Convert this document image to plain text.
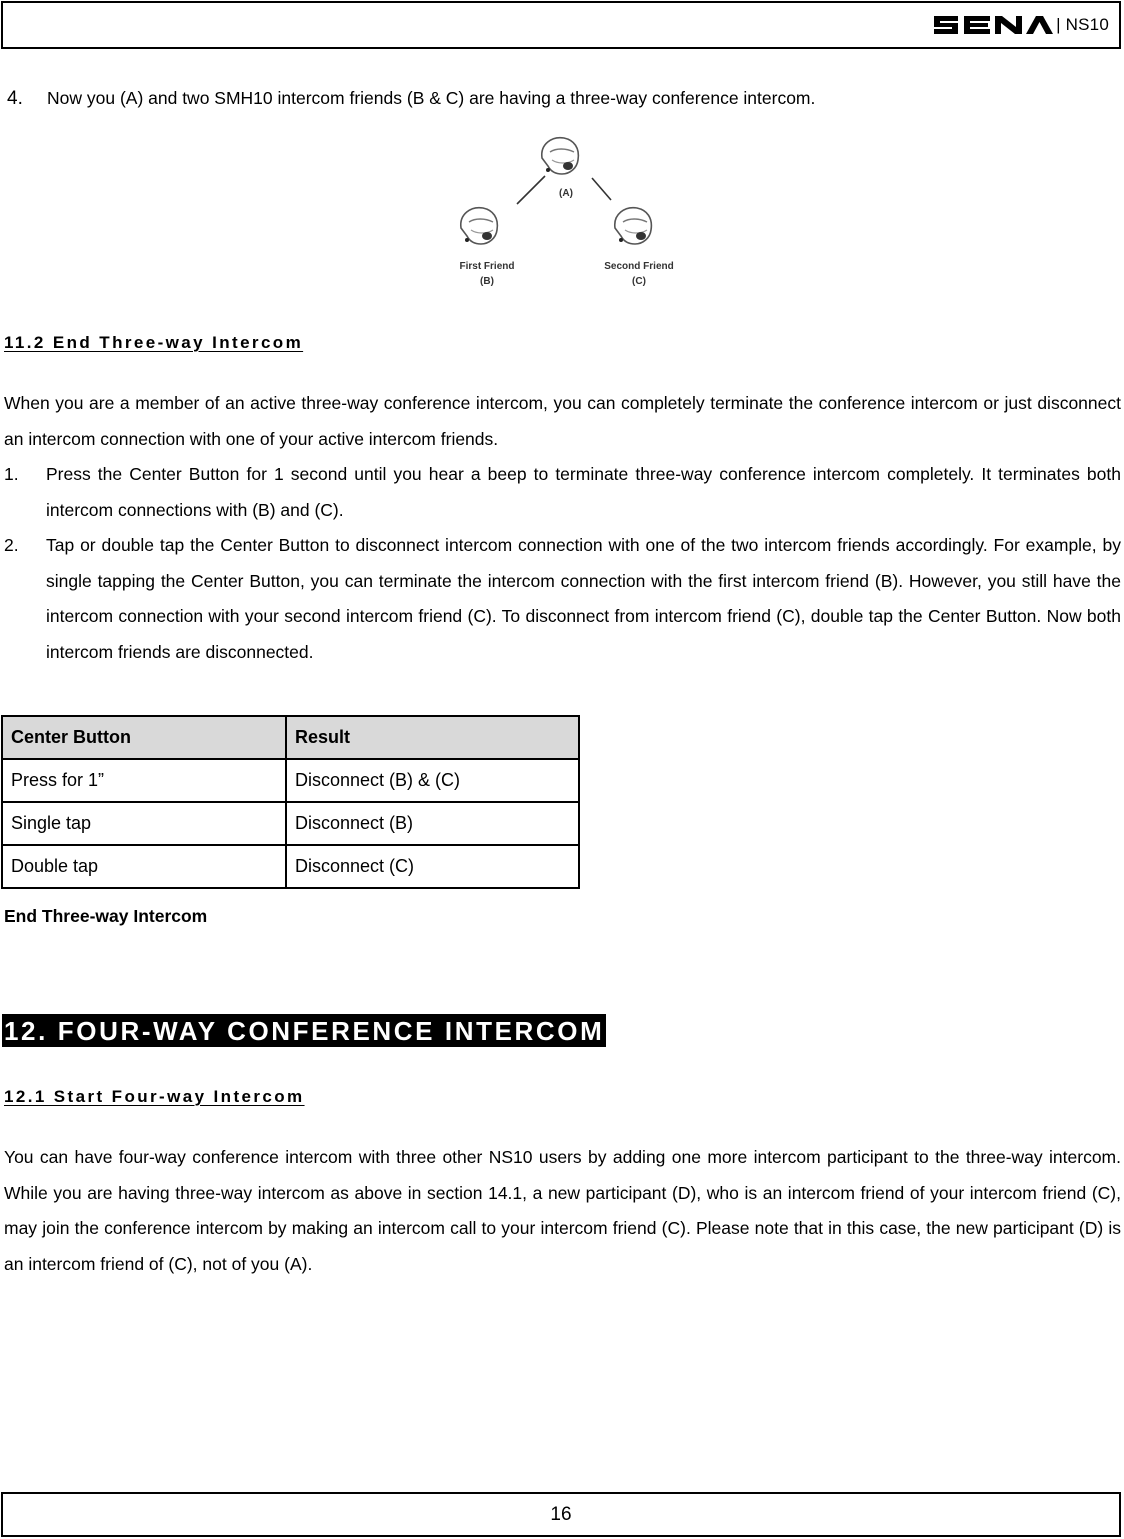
| NS10
4.	Now you (A) and two SMH10 intercom friends (B & C) are having a three-way conference intercom.
(A)
First Friend
(B)
Second Friend
(C)
11.2 End Three-way Intercom
When you are a member of an active three-way conference intercom, you can completely terminate the conference intercom or just disconnect an intercom connection with one of your active intercom friends.
1.	Press the Center Button for 1 second until you hear a beep to terminate three-way conference intercom completely. It terminates both intercom connections with (B) and (C).
2.	Tap or double tap the Center Button to disconnect intercom connection with one of the two intercom friends accordingly. For example, by single tapping the Center Button, you can terminate the intercom connection with the first intercom friend (B). However, you still have the intercom connection with your second intercom friend (C). To disconnect from intercom friend (C), double tap the Center Button. Now both intercom friends are disconnected.
Center Button	Result
Press for 1”	Disconnect (B) & (C)
Single tap	Disconnect (B)
Double tap	Disconnect (C)
End Three-way Intercom
12. FOUR-WAY CONFERENCE INTERCOM
12.1 Start Four-way Intercom
You can have four-way conference intercom with three other NS10 users by adding one more intercom participant to the three-way intercom. While you are having three-way intercom as above in section 14.1, a new participant (D), who is an intercom friend of your intercom friend (C), may join the conference intercom by making an intercom call to your intercom friend (C). Please note that in this case, the new participant (D) is an intercom friend of (C), not of you (A).
16
